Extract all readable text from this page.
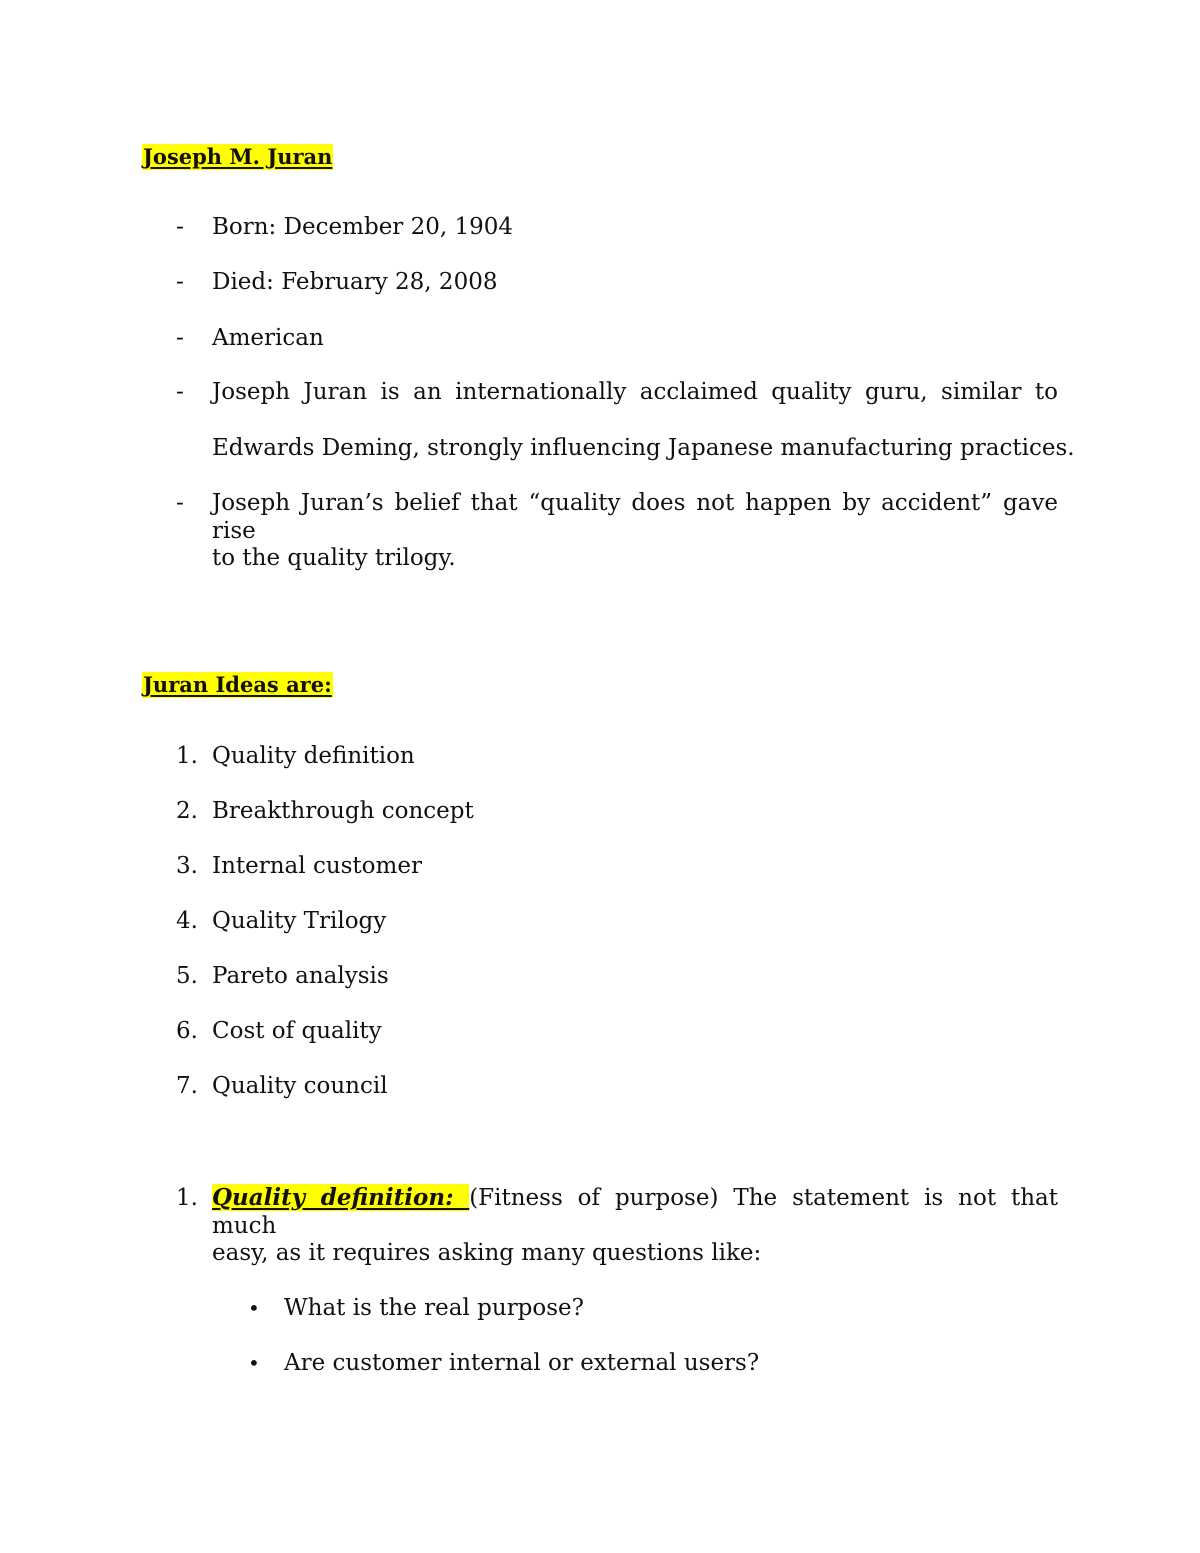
Joseph M. Juran
- Born: December 20, 1904
- Died: February 28, 2008
- American
- Joseph Juran is an internationally acclaimed quality guru, similar to
Edwards Deming, strongly influencing Japanese manufacturing practices.
- Joseph Juran’s belief that “quality does not happen by accident” gave rise
to the quality trilogy.
Juran Ideas are:
1. Quality definition
2. Breakthrough concept
3. Internal customer
4. Quality Trilogy
5. Pareto analysis
6. Cost of quality
7. Quality council
1. Quality definition: (Fitness of purpose) The statement is not that much
easy, as it requires asking many questions like:
• What is the real purpose?
• Are customer internal or external users?
